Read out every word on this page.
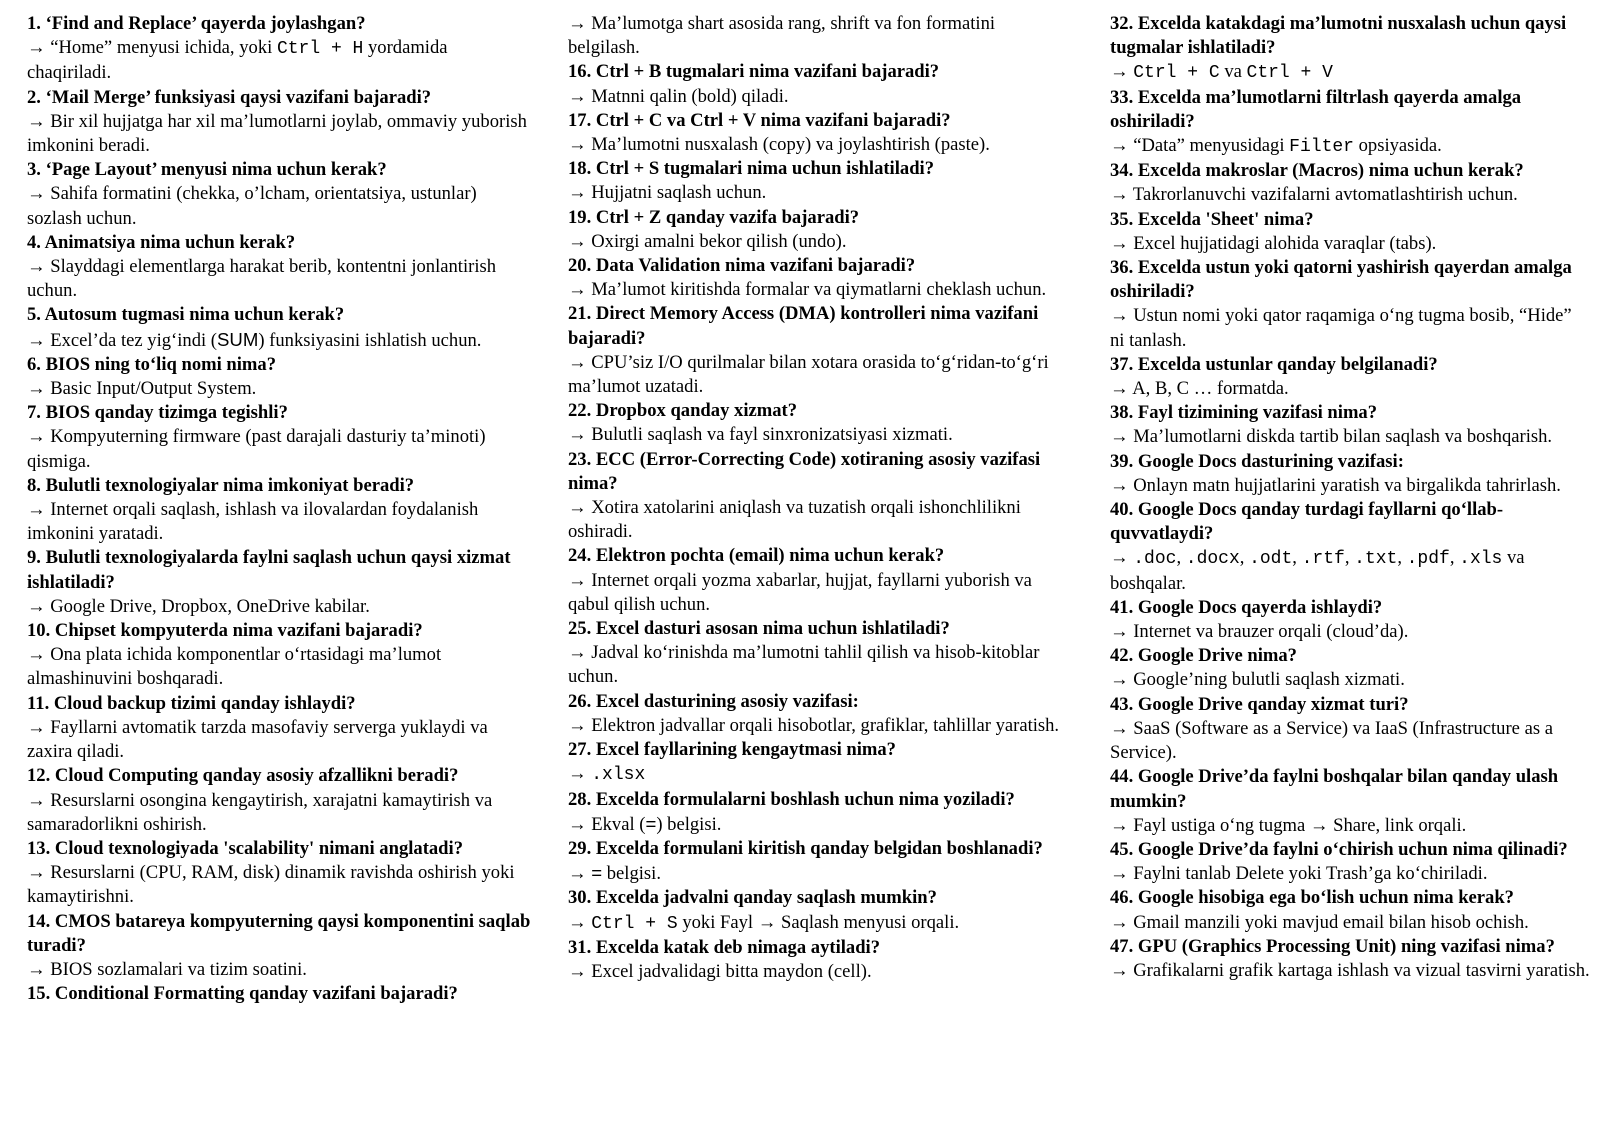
1. ‘Find and Replace’ qayerda joylashgan?
→ “Home” menyusi ichida, yoki Ctrl + H yordamida chaqiriladi.
2. ‘Mail Merge’ funksiyasi qaysi vazifani bajaradi?
→ Bir xil hujjatga har xil ma’lumotlarni joylab, ommaviy yuborish imkonini beradi.
3. ‘Page Layout’ menyusi nima uchun kerak?
→ Sahifa formatini (chekka, o’lcham, orientatsiya, ustunlar) sozlash uchun.
4. Animatsiya nima uchun kerak?
→ Slayddagi elementlarga harakat berib, kontentni jonlantirish uchun.
5. Autosum tugmasi nima uchun kerak?
→ Excel’da tez yig‘indi (SUM) funksiyasini ishlatish uchun.
6. BIOS ning to‘liq nomi nima?
→ Basic Input/Output System.
7. BIOS qanday tizimga tegishli?
→ Kompyuterning firmware (past darajali dasturiy ta’minoti) qismiga.
8. Bulutli texnologiyalar nima imkoniyat beradi?
→ Internet orqali saqlash, ishlash va ilovalardan foydalanish imkonini yaratadi.
9. Bulutli texnologiyalarda faylni saqlash uchun qaysi xizmat ishlatiladi?
→ Google Drive, Dropbox, OneDrive kabilar.
10. Chipset kompyuterda nima vazifani bajaradi?
→ Ona plata ichida komponentlar o‘rtasidagi ma’lumot almashinuvini boshqaradi.
11. Cloud backup tizimi qanday ishlaydi?
→ Fayllarni avtomatik tarzda masofaviy serverga yuklaydi va zaxira qiladi.
12. Cloud Computing qanday asosiy afzallikni beradi?
→ Resurslarni osongina kengaytirish, xarajatni kamaytirish va samaradorlikni oshirish.
13. Cloud texnologiyada 'scalability' nimani anglatadi?
→ Resurslarni (CPU, RAM, disk) dinamik ravishda oshirish yoki kamaytirishni.
14. CMOS batareya kompyuterning qaysi komponentini saqlab turadi?
→ BIOS sozlamalari va tizim soatini.
15. Conditional Formatting qanday vazifani bajaradi?
→ Ma’lumotga shart asosida rang, shrift va fon formatini belgilash.
16. Ctrl + B tugmalari nima vazifani bajaradi?
→ Matnni qalin (bold) qiladi.
17. Ctrl + C va Ctrl + V nima vazifani bajaradi?
→ Ma’lumotni nusxalash (copy) va joylashtirish (paste).
18. Ctrl + S tugmalari nima uchun ishlatiladi?
→ Hujjatni saqlash uchun.
19. Ctrl + Z qanday vazifa bajaradi?
→ Oxirgi amalni bekor qilish (undo).
20. Data Validation nima vazifani bajaradi?
→ Ma’lumot kiritishda formalar va qiymatlarni cheklash uchun.
21. Direct Memory Access (DMA) kontrolleri nima vazifani bajaradi?
→ CPU’siz I/O qurilmalar bilan xotara orasida to‘g‘ridan-to‘g‘ri ma’lumot uzatadi.
22. Dropbox qanday xizmat?
→ Bulutli saqlash va fayl sinxronizatsiyasi xizmati.
23. ECC (Error-Correcting Code) xotiraning asosiy vazifasi nima?
→ Xotira xatolarini aniqlash va tuzatish orqali ishonchlilikni oshiradi.
24. Elektron pochta (email) nima uchun kerak?
→ Internet orqali yozma xabarlar, hujjat, fayllarni yuborish va qabul qilish uchun.
25. Excel dasturi asosan nima uchun ishlatiladi?
→ Jadval ko‘rinishda ma’lumotni tahlil qilish va hisob-kitoblar uchun.
26. Excel dasturining asosiy vazifasi:
→ Elektron jadvallar orqali hisobotlar, grafiklar, tahlillar yaratish.
27. Excel fayllarining kengaytmasi nima?
→ .xlsx
28. Excelda formulalarni boshlash uchun nima yoziladi?
→ Ekval (=) belgisi.
29. Excelda formulani kiritish qanday belgidan boshlanadi?
→ = belgisi.
30. Excelda jadvalni qanday saqlash mumkin?
→ Ctrl + S yoki Fayl → Saqlash menyusi orqali.
31. Excelda katak deb nimaga aytiladi?
→ Excel jadvalidagi bitta maydon (cell).
32. Excelda katakdagi ma’lumotni nusxalash uchun qaysi tugmalar ishlatiladi?
→ Ctrl + C va Ctrl + V
33. Excelda ma’lumotlarni filtrlash qayerda amalga oshiriladi?
→ “Data” menyusidagi Filter opsiyasida.
34. Excelda makroslar (Macros) nima uchun kerak?
→ Takrorlanuvchi vazifalarni avtomatlashtirish uchun.
35. Excelda 'Sheet' nima?
→ Excel hujjatidagi alohida varaqlar (tabs).
36. Excelda ustun yoki qatorni yashirish qayerdan amalga oshiriladi?
→ Ustun nomi yoki qator raqamiga o‘ng tugma bosib, “Hide” ni tanlash.
37. Excelda ustunlar qanday belgilanadi?
→ A, B, C … formatda.
38. Fayl tizimining vazifasi nima?
→ Ma’lumotlarni diskda tartib bilan saqlash va boshqarish.
39. Google Docs dasturining vazifasi:
→ Onlayn matn hujjatlarini yaratish va birgalikda tahrirlash.
40. Google Docs qanday turdagi fayllarni qo‘llab-quvvatlaydi?
→ .doc, .docx, .odt, .rtf, .txt, .pdf, .xls va boshqalar.
41. Google Docs qayerda ishlaydi?
→ Internet va brauzer orqali (cloud’da).
42. Google Drive nima?
→ Google’ning bulutli saqlash xizmati.
43. Google Drive qanday xizmat turi?
→ SaaS (Software as a Service) va IaaS (Infrastructure as a Service).
44. Google Drive’da faylni boshqalar bilan qanday ulash mumkin?
→ Fayl ustiga o‘ng tugma → Share, link orqali.
45. Google Drive’da faylni o‘chirish uchun nima qilinadi?
→ Faylni tanlab Delete yoki Trash’ga ko‘chiriladi.
46. Google hisobiga ega bo‘lish uchun nima kerak?
→ Gmail manzili yoki mavjud email bilan hisob ochish.
47. GPU (Graphics Processing Unit) ning vazifasi nima?
→ Grafikalarni grafik kartaga ishlash va vizual tasvirni yaratish.
